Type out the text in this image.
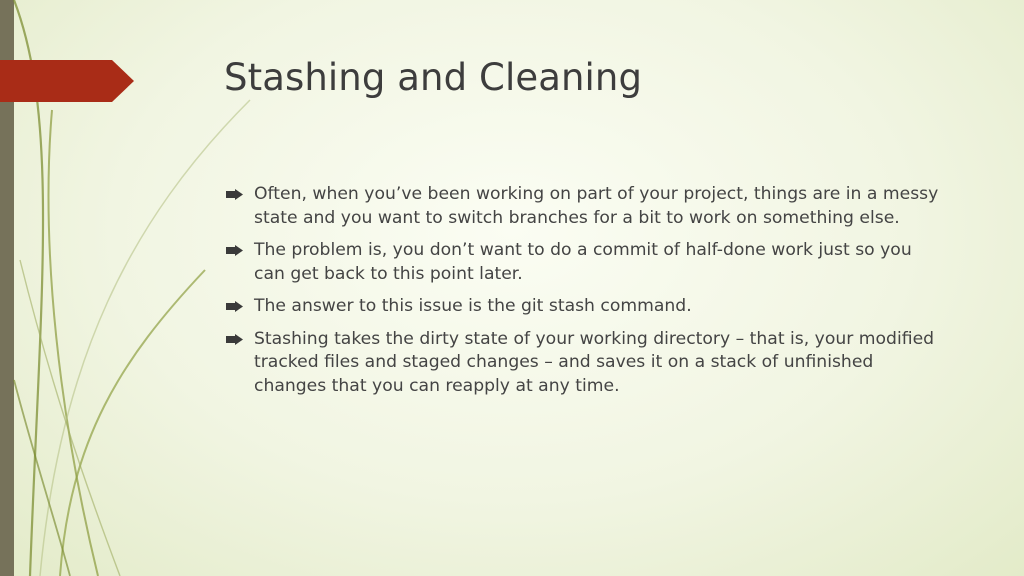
Stashing and Cleaning
Often, when you’ve been working on part of your project, things are in a messy state and you want to switch branches for a bit to work on something else.
The problem is, you don’t want to do a commit of half-done work just so you can get back to this point later.
The answer to this issue is the git stash command.
Stashing takes the dirty state of your working directory – that is, your modified tracked files and staged changes – and saves it on a stack of unfinished changes that you can reapply at any time.
